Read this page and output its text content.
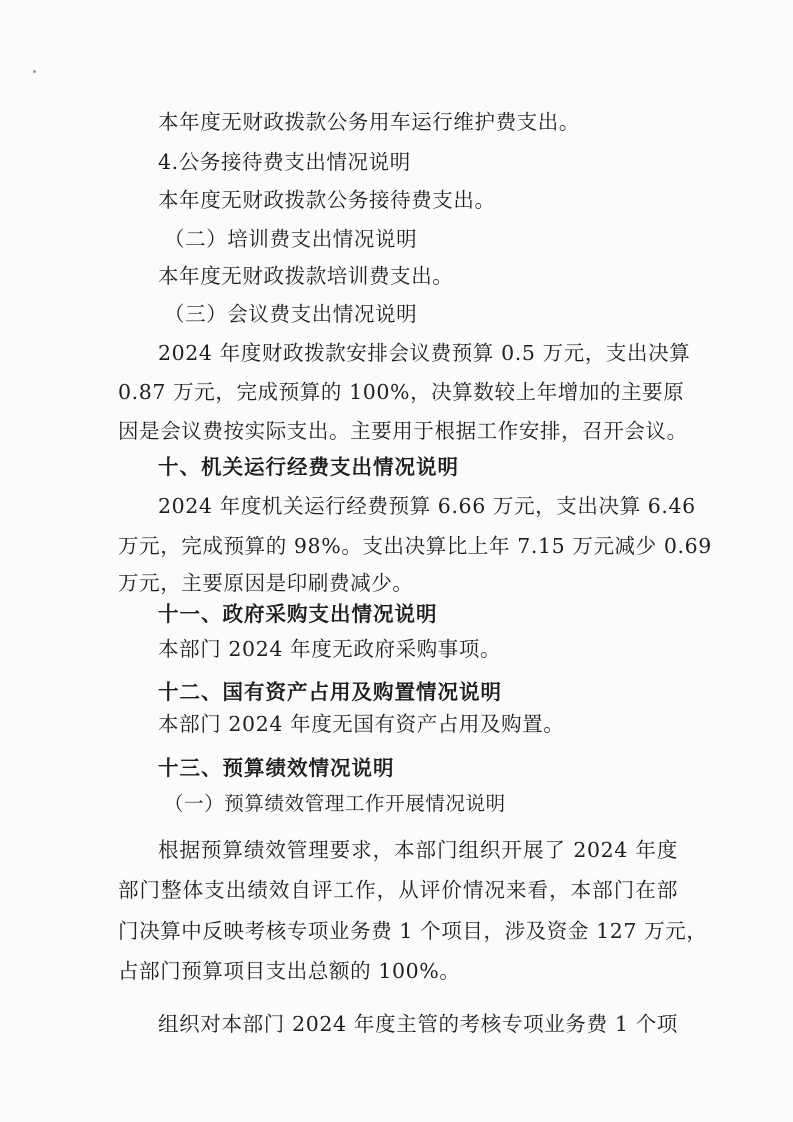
本年度无财政拨款公务用车运行维护费支出。
4.公务接待费支出情况说明
本年度无财政拨款公务接待费支出。
（二）培训费支出情况说明
本年度无财政拨款培训费支出。
（三）会议费支出情况说明
2024 年度财政拨款安排会议费预算 0.5 万元，支出决算
0.87 万元，完成预算的 100%，决算数较上年增加的主要原
因是会议费按实际支出。主要用于根据工作安排，召开会议。
十、机关运行经费支出情况说明
2024 年度机关运行经费预算 6.66 万元，支出决算 6.46
万元，完成预算的 98%。支出决算比上年 7.15 万元减少 0.69
万元，主要原因是印刷费减少。
十一、政府采购支出情况说明
本部门 2024 年度无政府采购事项。
十二、国有资产占用及购置情况说明
本部门 2024 年度无国有资产占用及购置。
十三、预算绩效情况说明
（一）预算绩效管理工作开展情况说明
根据预算绩效管理要求，本部门组织开展了 2024 年度
部门整体支出绩效自评工作，从评价情况来看，本部门在部
门决算中反映考核专项业务费 1 个项目，涉及资金 127 万元，
占部门预算项目支出总额的 100%。
组织对本部门 2024 年度主管的考核专项业务费 1 个项
